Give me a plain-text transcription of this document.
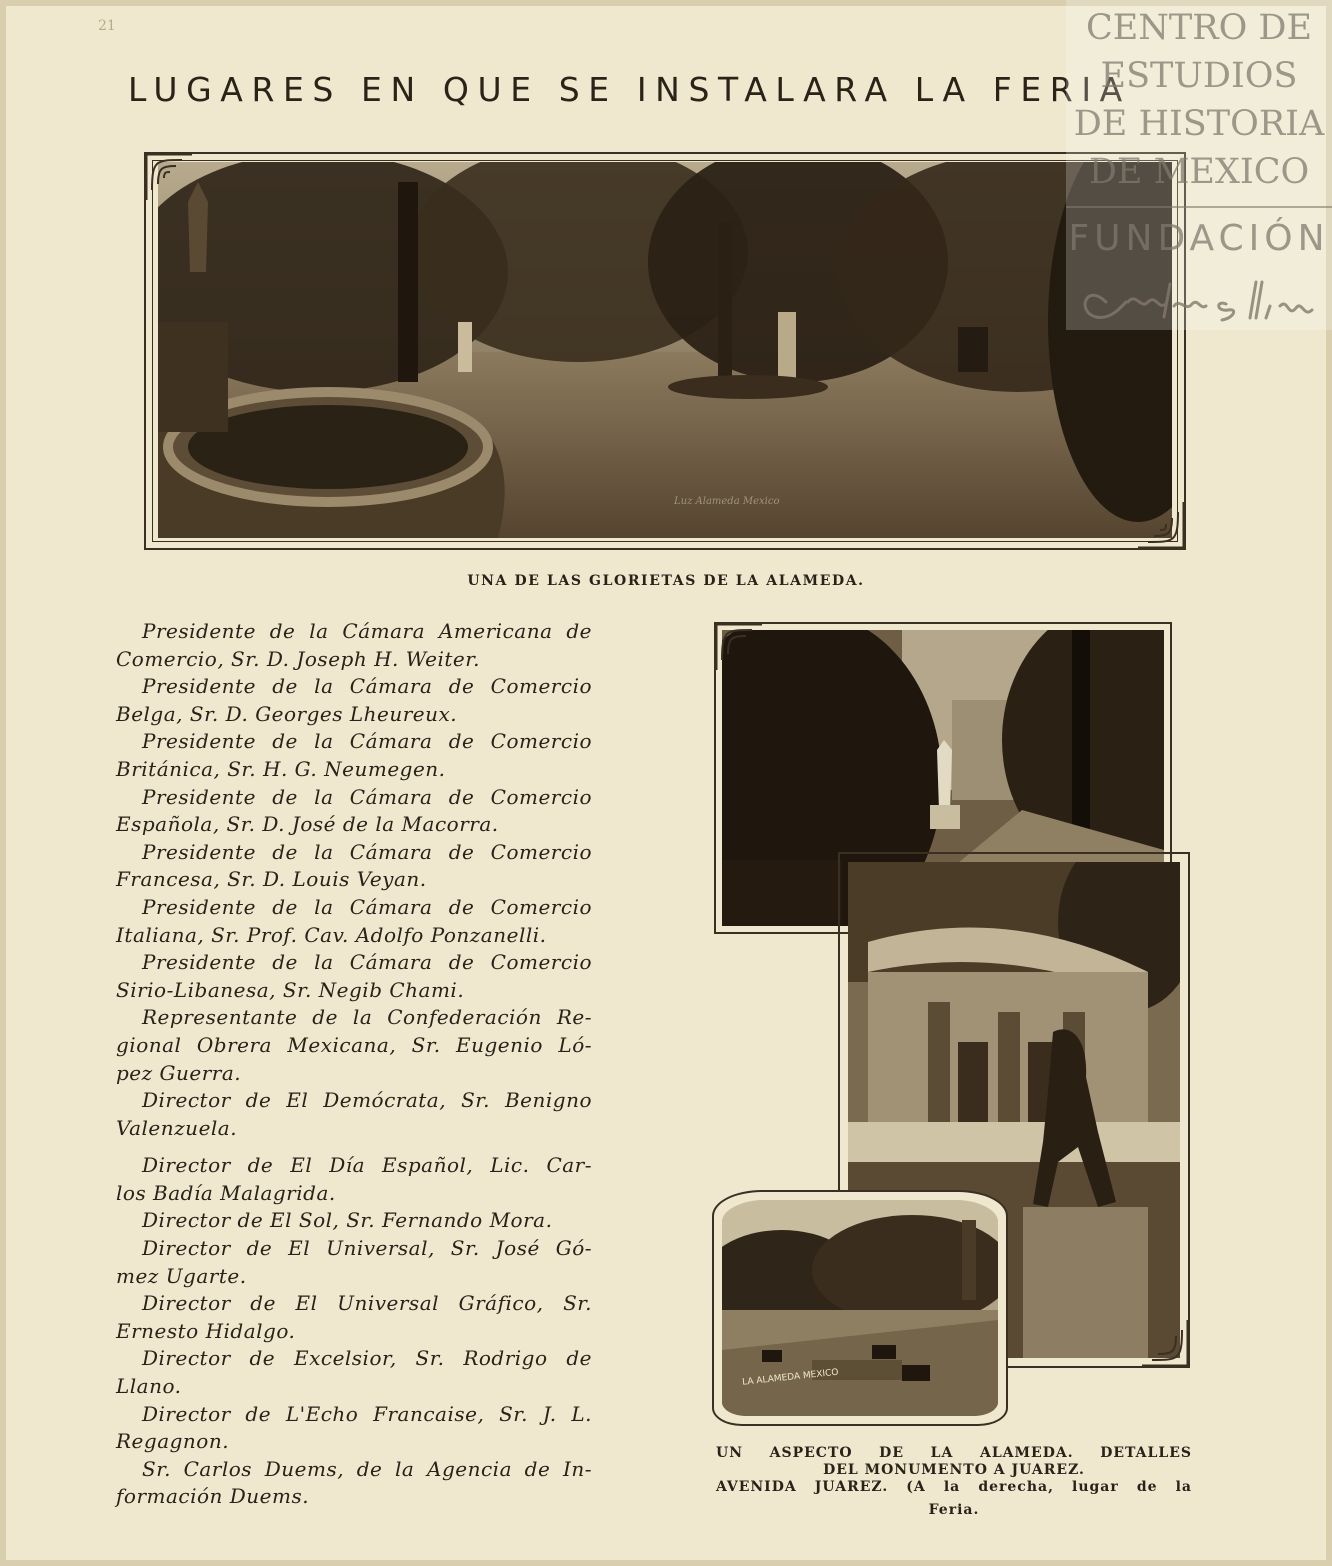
21
LUGARES EN QUE SE INSTALARA LA FERIA
Luz Alameda Mexico
UNA DE LAS GLORIETAS DE LA ALAMEDA.
Presidente de la Cámara Americana de
Comercio, Sr. D. Joseph H. Weiter.
Presidente de la Cámara de Comercio
Belga, Sr. D. Georges Lheureux.
Presidente de la Cámara de Comercio
Británica, Sr. H. G. Neumegen.
Presidente de la Cámara de Comercio
Española, Sr. D. José de la Macorra.
Presidente de la Cámara de Comercio
Francesa, Sr. D. Louis Veyan.
Presidente de la Cámara de Comercio
Italiana, Sr. Prof. Cav. Adolfo Ponzanelli.
Presidente de la Cámara de Comercio
Sirio-Libanesa, Sr. Negib Chami.
Representante de la Confederación Re-
gional Obrera Mexicana, Sr. Eugenio Ló-
pez Guerra.
Director de El Demócrata, Sr. Benigno
Valenzuela.
Director de El Día Español, Lic. Car-
los Badía Malagrida.
Director de El Sol, Sr. Fernando Mora.
Director de El Universal, Sr. José Gó-
mez Ugarte.
Director de El Universal Gráfico, Sr.
Ernesto Hidalgo.
Director de Excelsior, Sr. Rodrigo de
Llano.
Director de L'Echo Francaise, Sr. J. L.
Regagnon.
Sr. Carlos Duems, de la Agencia de In-
formación Duems.
LA ALAMEDA MEXICO
UN ASPECTO DE LA ALAMEDA. DETALLES
DEL MONUMENTO A JUAREZ.
AVENIDA JUAREZ. (A la derecha, lugar de la
Feria.
CENTRO DE
ESTUDIOS
DE HISTORIA
DE MEXICO
FUNDACIÓN
